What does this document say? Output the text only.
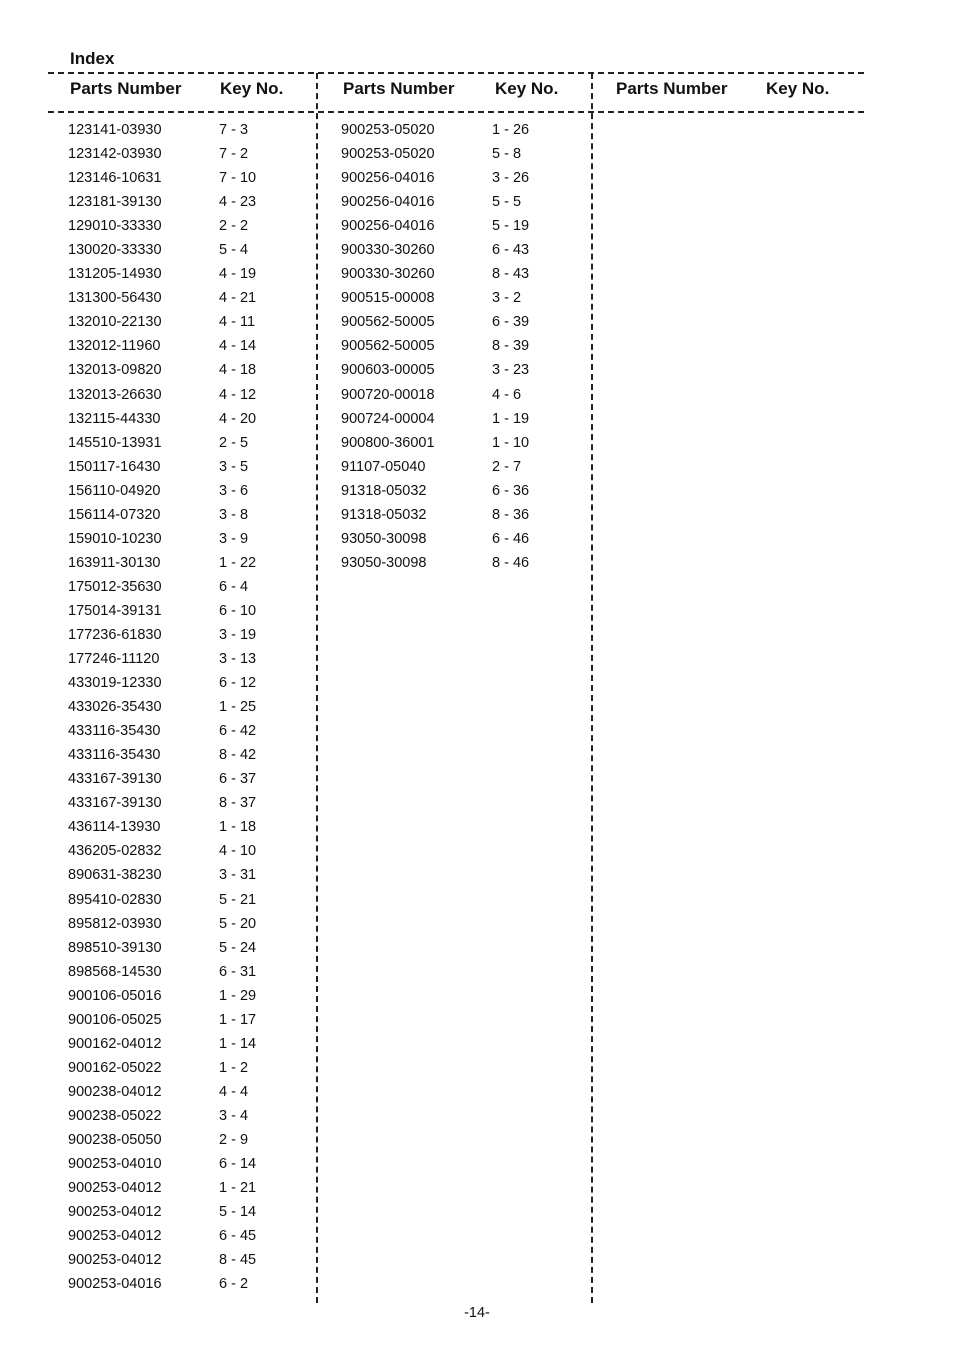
Index
Parts Number Key No.	Parts Number Key No.	Parts Number Key No.
123141-03930	7 - 3
123142-03930	7 - 2
123146-10631	7 - 10
123181-39130	4 - 23
129010-33330	2 - 2
130020-33330	5 - 4
131205-14930	4 - 19
131300-56430	4 - 21
132010-22130	4 - 11
132012-11960	4 - 14
132013-09820	4 - 18
132013-26630	4 - 12
132115-44330	4 - 20
145510-13931	2 - 5
150117-16430	3 - 5
156110-04920	3 - 6
156114-07320	3 - 8
159010-10230	3 - 9
163911-30130	1 - 22
175012-35630	6 - 4
175014-39131	6 - 10
177236-61830	3 - 19
177246-11120	3 - 13
433019-12330	6 - 12
433026-35430	1 - 25
433116-35430	6 - 42
433116-35430	8 - 42
433167-39130	6 - 37
433167-39130	8 - 37
436114-13930	1 - 18
436205-02832	4 - 10
890631-38230	3 - 31
895410-02830	5 - 21
895812-03930	5 - 20
898510-39130	5 - 24
898568-14530	6 - 31
900106-05016	1 - 29
900106-05025	1 - 17
900162-04012	1 - 14
900162-05022	1 - 2
900238-04012	4 - 4
900238-05022	3 - 4
900238-05050	2 - 9
900253-04010	6 - 14
900253-04012	1 - 21
900253-04012	5 - 14
900253-04012	6 - 45
900253-04012	8 - 45
900253-04016	6 - 2
900253-05020	1 - 26
900253-05020	5 - 8
900256-04016	3 - 26
900256-04016	5 - 5
900256-04016	5 - 19
900330-30260	6 - 43
900330-30260	8 - 43
900515-00008	3 - 2
900562-50005	6 - 39
900562-50005	8 - 39
900603-00005	3 - 23
900720-00018	4 - 6
900724-00004	1 - 19
900800-36001	1 - 10
91107-05040	2 - 7
91318-05032	6 - 36
91318-05032	8 - 36
93050-30098	6 - 46
93050-30098	8 - 46
-14-
